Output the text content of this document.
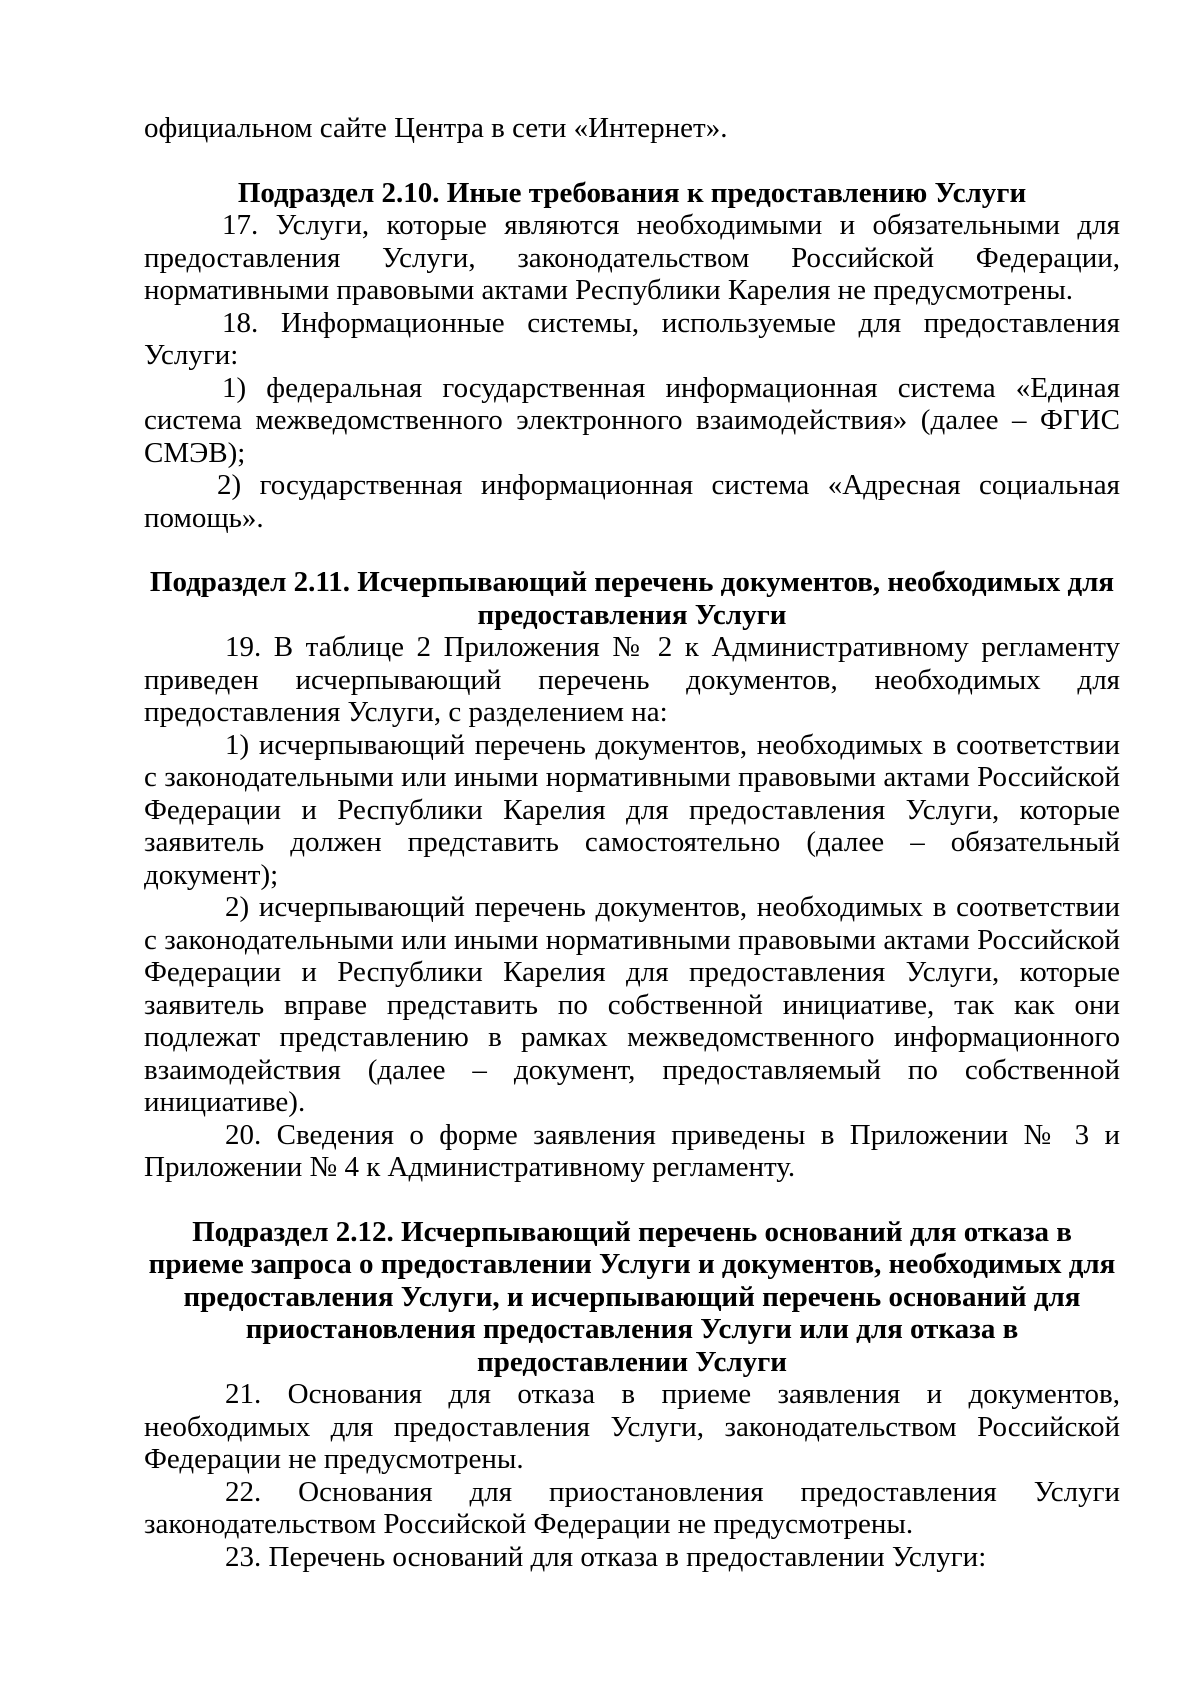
официальном сайте Центра в сети «Интернет».

Подраздел 2.10. Иные требования к предоставлению Услуги

17. Услуги, которые являются необходимыми и обязательными для предоставления Услуги, законодательством Российской Федерации, нормативными правовыми актами Республики Карелия не предусмотрены.

18. Информационные системы, используемые для предоставления Услуги:

1) федеральная государственная информационная система «Единая система межведомственного электронного взаимодействия» (далее – ФГИС СМЭВ);

2) государственная информационная система «Адресная социальная помощь».

Подраздел 2.11. Исчерпывающий перечень документов, необходимых для предоставления Услуги

19. В таблице 2 Приложения № 2 к Административному регламенту приведен исчерпывающий перечень документов, необходимых для предоставления Услуги, с разделением на:

1) исчерпывающий перечень документов, необходимых в соответствии с законодательными или иными нормативными правовыми актами Российской Федерации и Республики Карелия для предоставления Услуги, которые заявитель должен представить самостоятельно (далее – обязательный документ);

2) исчерпывающий перечень документов, необходимых в соответствии с законодательными или иными нормативными правовыми актами Российской Федерации и Республики Карелия для предоставления Услуги, которые заявитель вправе представить по собственной инициативе, так как они подлежат представлению в рамках межведомственного информационного взаимодействия (далее – документ, предоставляемый по собственной инициативе).

20. Сведения о форме заявления приведены в Приложении № 3 и Приложении № 4 к Административному регламенту.

Подраздел 2.12. Исчерпывающий перечень оснований для отказа в приеме запроса о предоставлении Услуги и документов, необходимых для предоставления Услуги, и исчерпывающий перечень оснований для приостановления предоставления Услуги или для отказа в предоставлении Услуги

21. Основания для отказа в приеме заявления и документов, необходимых для предоставления Услуги, законодательством Российской Федерации не предусмотрены.

22. Основания для приостановления предоставления Услуги законодательством Российской Федерации не предусмотрены.

23. Перечень оснований для отказа в предоставлении Услуги:
